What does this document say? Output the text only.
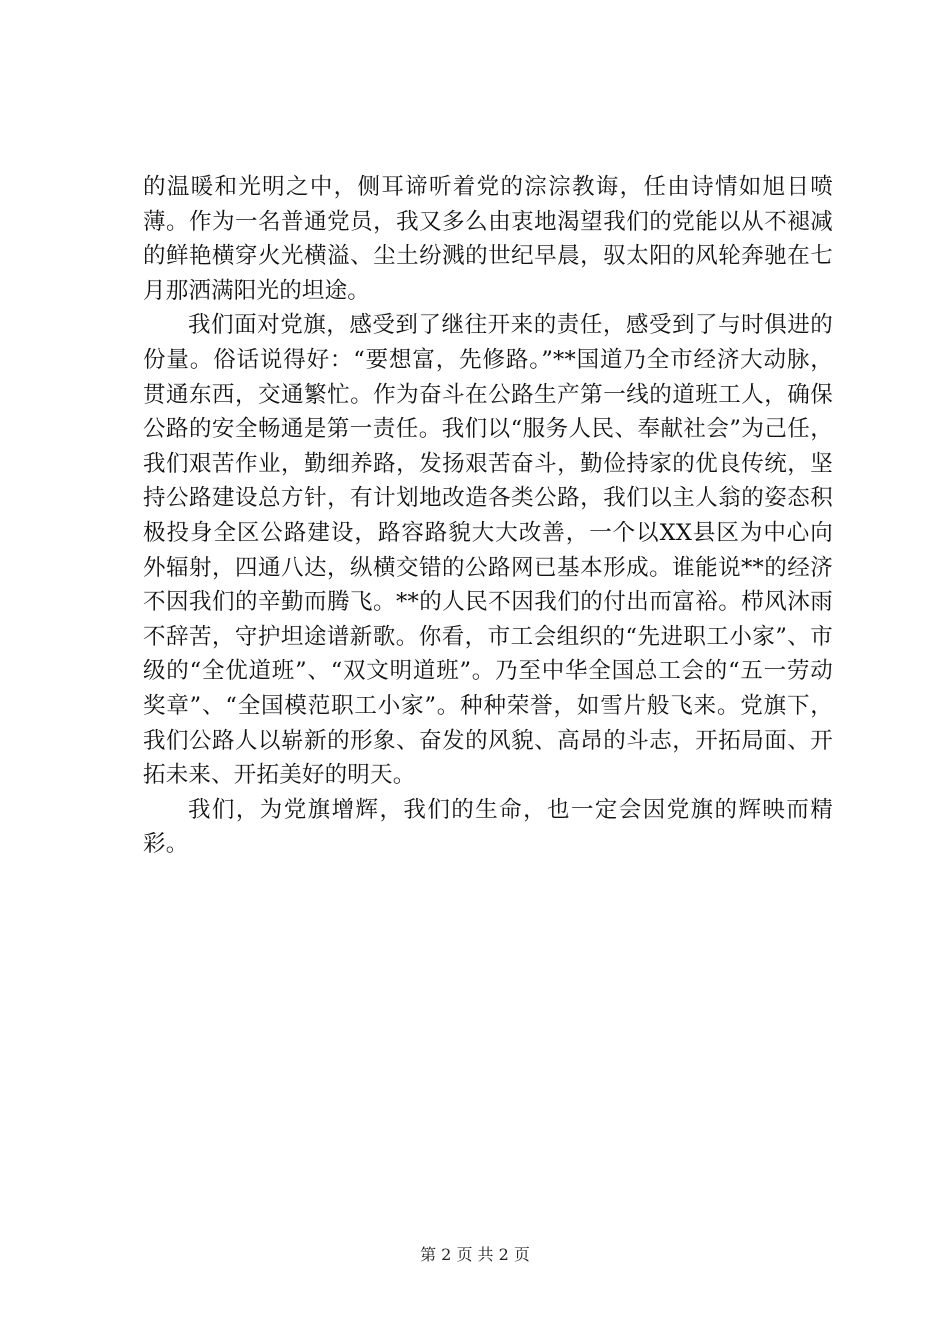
的温暖和光明之中，侧耳谛听着党的淙淙教诲，任由诗情如旭日喷薄。作为一名普通党员，我又多么由衷地渴望我们的党能以从不褪减的鲜艳横穿火光横溢、尘土纷溅的世纪早晨，驭太阳的风轮奔驰在七月那洒满阳光的坦途。

我们面对党旗，感受到了继往开来的责任，感受到了与时俱进的份量。俗话说得好：“要想富，先修路。”**国道乃全市经济大动脉，贯通东西，交通繁忙。作为奋斗在公路生产第一线的道班工人，确保公路的安全畅通是第一责任。我们以“服务人民、奉献社会”为己任，我们艰苦作业，勤细养路，发扬艰苦奋斗，勤俭持家的优良传统，坚持公路建设总方针，有计划地改造各类公路，我们以主人翁的姿态积极投身全区公路建设，路容路貌大大改善，一个以XX县区为中心向外辐射，四通八达，纵横交错的公路网已基本形成。谁能说**的经济不因我们的辛勤而腾飞。**的人民不因我们的付出而富裕。栉风沐雨不辞苦，守护坦途谱新歌。你看，市工会组织的“先进职工小家”、市级的“全优道班”、“双文明道班”。乃至中华全国总工会的“五一劳动奖章”、“全国模范职工小家”。种种荣誉，如雪片般飞来。党旗下，我们公路人以崭新的形象、奋发的风貌、高昂的斗志，开拓局面、开拓未来、开拓美好的明天。

我们，为党旗增辉，我们的生命，也一定会因党旗的辉映而精彩。

第 2 页 共 2 页
